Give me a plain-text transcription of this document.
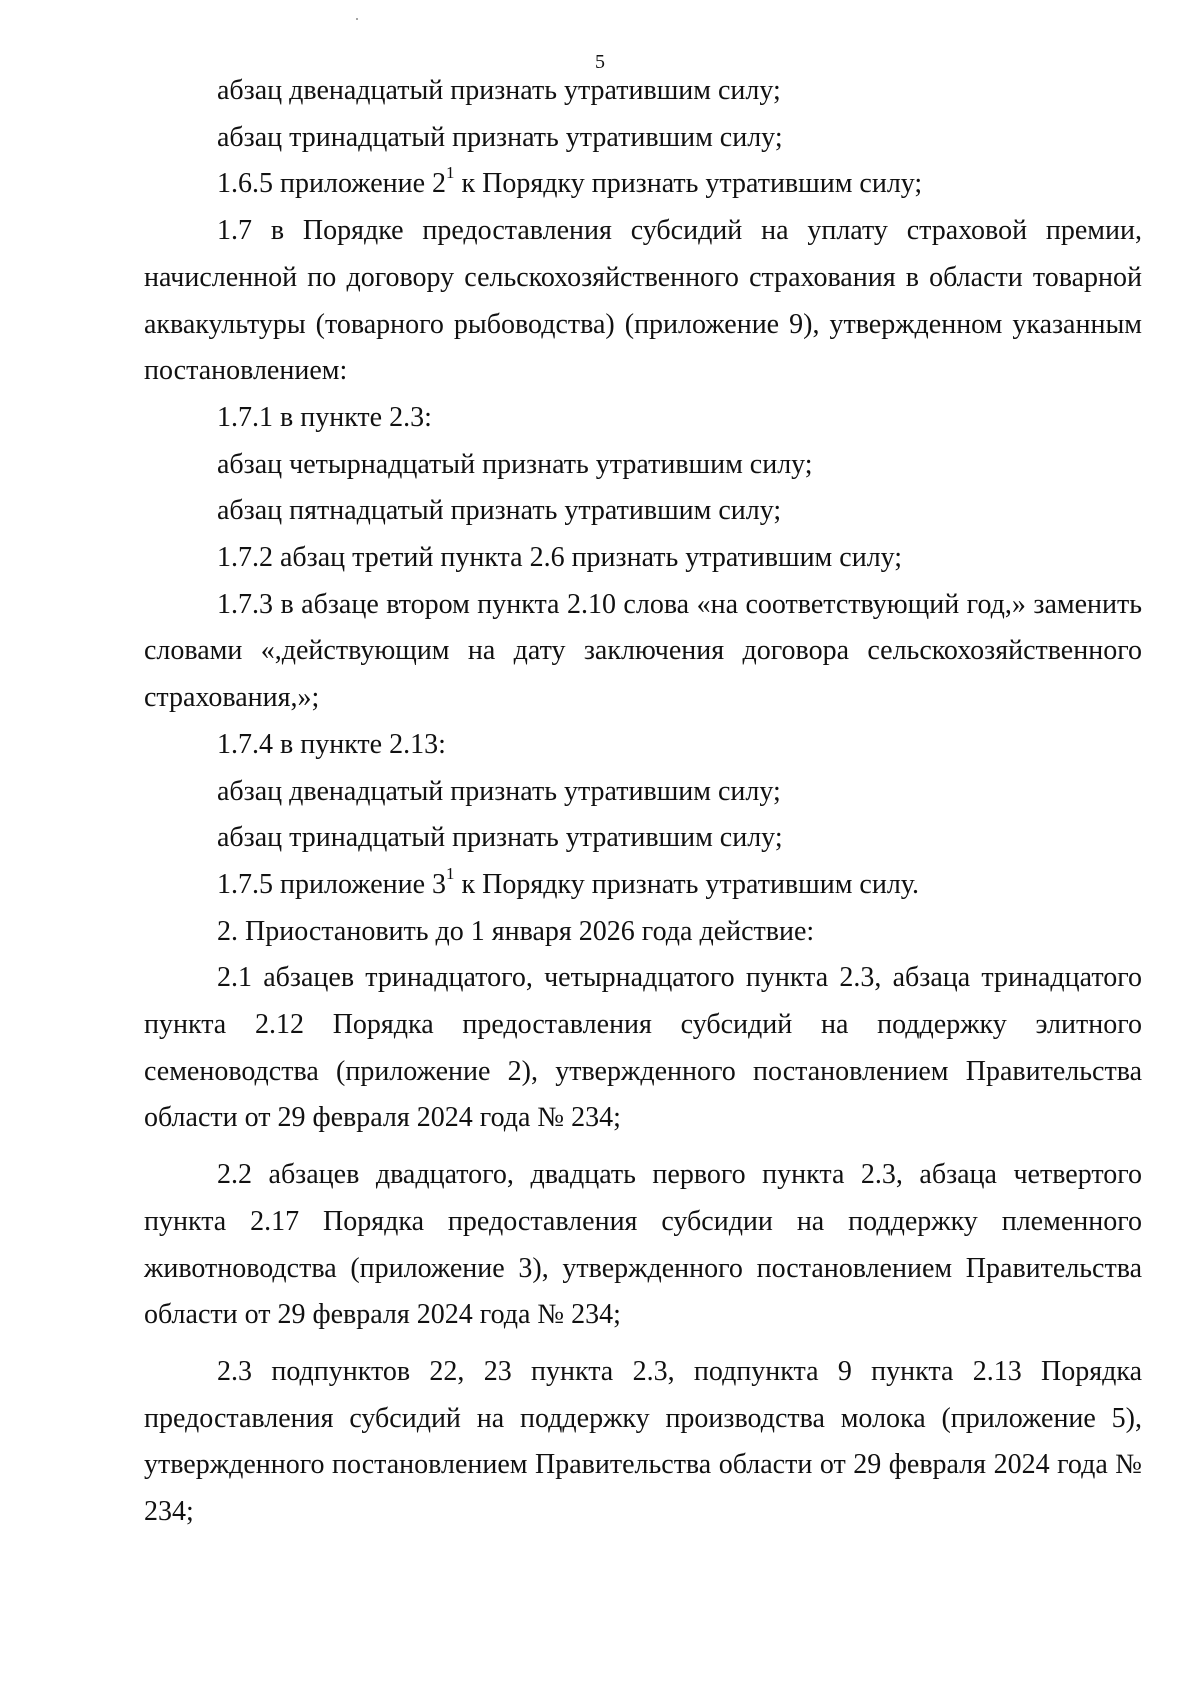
5

абзац двенадцатый признать утратившим силу;

абзац тринадцатый признать утратившим силу;

1.6.5 приложение $2^1$ к Порядку признать утратившим силу;

1.7 в Порядке предоставления субсидий на уплату страховой премии, начисленной по договору сельскохозяйственного страхования в области товарной аквакультуры (товарного рыбоводства) (приложение 9), утвержденном указанным постановлением:

1.7.1 в пункте 2.3:

абзац четырнадцатый признать утратившим силу;

абзац пятнадцатый признать утратившим силу;

1.7.2 абзац третий пункта 2.6 признать утратившим силу;

1.7.3 в абзаце втором пункта 2.10 слова «на соответствующий год,» заменить словами «,действующим на дату заключения договора сельскохозяйственного страхования,»;

1.7.4 в пункте 2.13:

абзац двенадцатый признать утратившим силу;

абзац тринадцатый признать утратившим силу;

1.7.5 приложение $3^1$ к Порядку признать утратившим силу.

2. Приостановить до 1 января 2026 года действие:

2.1 абзацев тринадцатого, четырнадцатого пункта 2.3, абзаца тринадцатого пункта 2.12 Порядка предоставления субсидий на поддержку элитного семеноводства (приложение 2), утвержденного постановлением Правительства области от 29 февраля 2024 года № 234;

2.2 абзацев двадцатого, двадцать первого пункта 2.3, абзаца четвертого пункта 2.17 Порядка предоставления субсидии на поддержку племенного животноводства (приложение 3), утвержденного постановлением Правительства области от 29 февраля 2024 года № 234;

2.3 подпунктов 22, 23 пункта 2.3, подпункта 9 пункта 2.13 Порядка предоставления субсидий на поддержку производства молока (приложение 5), утвержденного постановлением Правительства области от 29 февраля 2024 года № 234;
